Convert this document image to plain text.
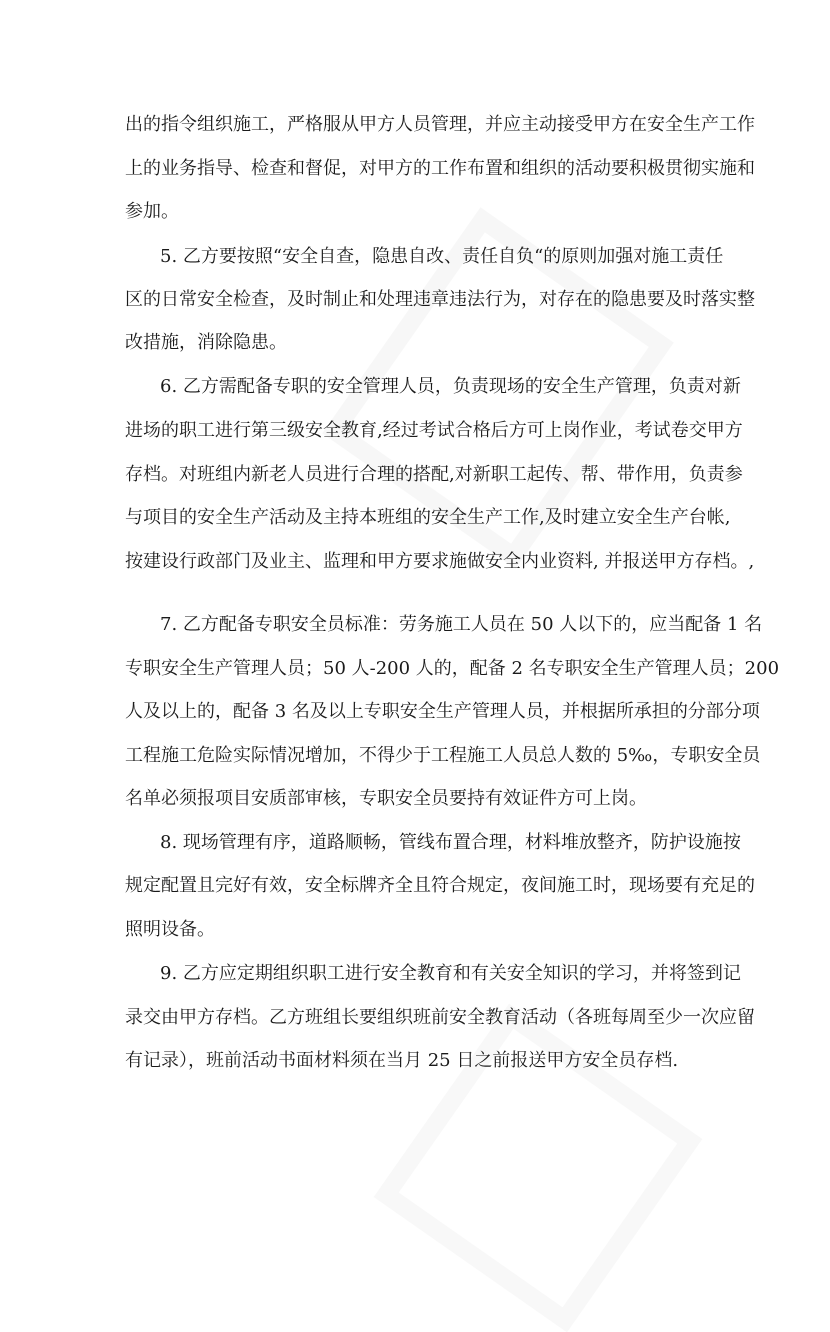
出的指令组织施工，严格服从甲方人员管理，并应主动接受甲方在安全生产工作
上的业务指导、检查和督促，对甲方的工作布置和组织的活动要积极贯彻实施和
参加。
5. 乙方要按照“安全自查，隐患自改、责任自负“的原则加强对施工责任
区的日常安全检查，及时制止和处理违章违法行为，对存在的隐患要及时落实整
改措施，消除隐患。
6. 乙方需配备专职的安全管理人员，负责现场的安全生产管理，负责对新
进场的职工进行第三级安全教育,经过考试合格后方可上岗作业，考试卷交甲方
存档。对班组内新老人员进行合理的搭配,对新职工起传、帮、带作用，负责参
与项目的安全生产活动及主持本班组的安全生产工作,及时建立安全生产台帐,
按建设行政部门及业主、监理和甲方要求施做安全内业资料, 并报送甲方存档。,
7. 乙方配备专职安全员标准：劳务施工人员在 50 人以下的，应当配备 1 名
专职安全生产管理人员；50 人-200 人的，配备 2 名专职安全生产管理人员；200
人及以上的，配备 3 名及以上专职安全生产管理人员，并根据所承担的分部分项
工程施工危险实际情况增加，不得少于工程施工人员总人数的 5‰，专职安全员
名单必须报项目安质部审核，专职安全员要持有效证件方可上岗。
8. 现场管理有序，道路顺畅，管线布置合理，材料堆放整齐，防护设施按
规定配置且完好有效，安全标牌齐全且符合规定，夜间施工时，现场要有充足的
照明设备。
9. 乙方应定期组织职工进行安全教育和有关安全知识的学习，并将签到记
录交由甲方存档。乙方班组长要组织班前安全教育活动（各班每周至少一次应留
有记录），班前活动书面材料须在当月 25 日之前报送甲方安全员存档.
